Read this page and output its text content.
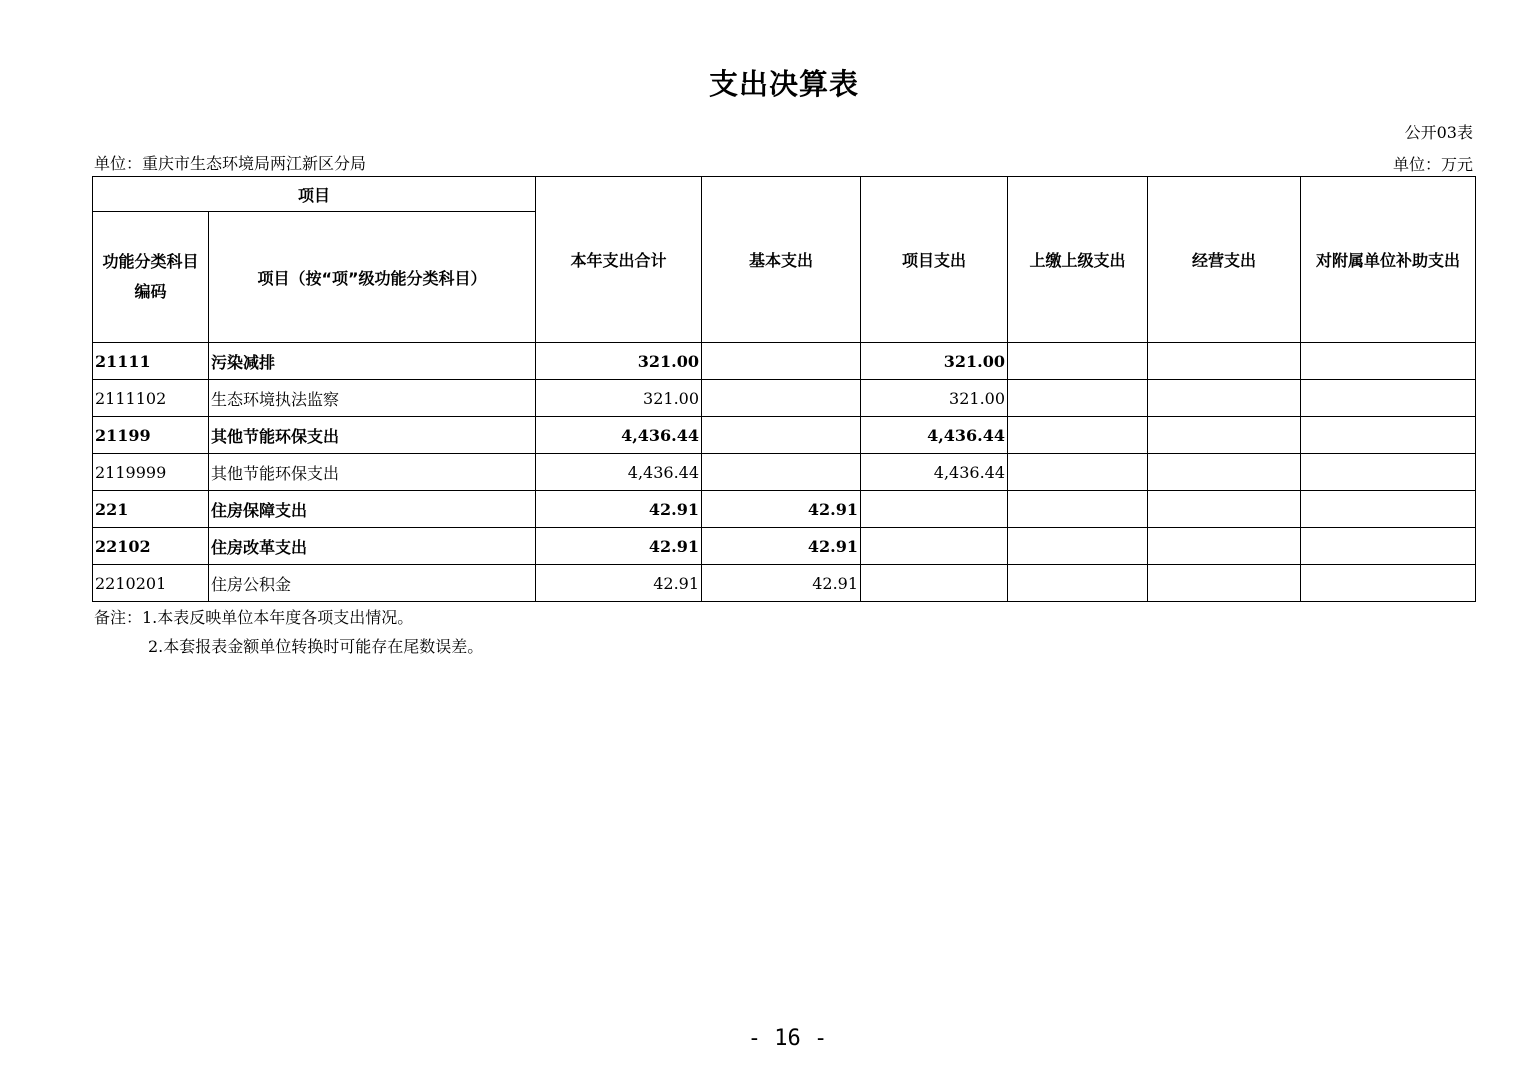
支出决算表
公开03表
单位：重庆市生态环境局两江新区分局	单位：万元
项目		本年支出合计	基本支出	项目支出	上缴上级支出	经营支出	对附属单位补助支出
功能分类科目编码	项目（按“项”级功能分类科目）						
21111	污染减排	321.00		321.00			
2111102	生态环境执法监察	321.00		321.00			
21199	其他节能环保支出	4,436.44		4,436.44			
2119999	其他节能环保支出	4,436.44		4,436.44			
221	住房保障支出	42.91	42.91				
22102	住房改革支出	42.91	42.91				
2210201	住房公积金	42.91	42.91				
备注：1.本表反映单位本年度各项支出情况。
2.本套报表金额单位转换时可能存在尾数误差。
- 16 -
